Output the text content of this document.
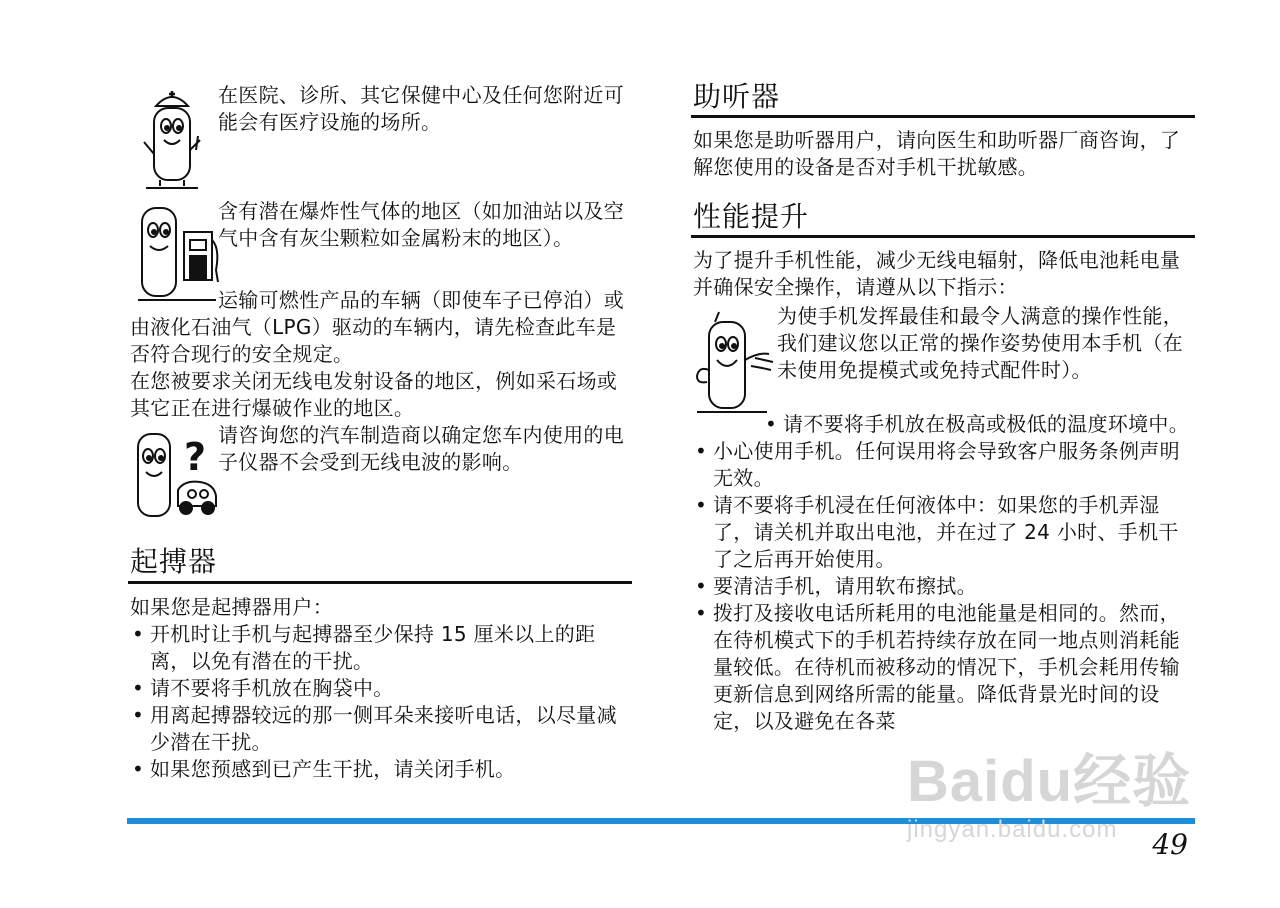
在医院、诊所、其它保健中心及任何您附近可能会有医疗设施的场所。

含有潜在爆炸性气体的地区（如加油站以及空气中含有灰尘颗粒如金属粉末的地区）。

运输可燃性产品的车辆（即使车子已停泊）或由液化石油气（LPG）驱动的车辆内，请先检查此车是否符合现行的安全规定。

在您被要求关闭无线电发射设备的地区，例如采石场或其它正在进行爆破作业的地区。

? 请咨询您的汽车制造商以确定您车内使用的电子仪器不会受到无线电波的影响。

起搏器

如果您是起搏器用户：

• 开机时让手机与起搏器至少保持 15 厘米以上的距离，以免有潜在的干扰。
• 请不要将手机放在胸袋中。
• 用离起搏器较远的那一侧耳朵来接听电话，以尽量减少潜在干扰。
• 如果您预感到已产生干扰，请关闭手机。
助听器

如果您是助听器用户，请向医生和助听器厂商咨询，了解您使用的设备是否对手机干扰敏感。

性能提升

为了提升手机性能，减少无线电辐射，降低电池耗电量并确保安全操作，请遵从以下指示：

为使手机发挥最佳和最令人满意的操作性能，我们建议您以正常的操作姿势使用本手机（在未使用免提模式或免持式配件时）。

• 请不要将手机放在极高或极低的温度环境中。
• 小心使用手机。任何误用将会导致客户服务条例声明无效。
• 请不要将手机浸在任何液体中：如果您的手机弄湿了，请关机并取出电池，并在过了 24 小时、手机干了之后再开始使用。
• 要清洁手机，请用软布擦拭。
• 拨打及接收电话所耗用的电池能量是相同的。然而，在待机模式下的手机若持续存放在同一地点则消耗能量较低。在待机而被移动的情况下，手机会耗用传输更新信息到网络所需的能量。降低背景光时间的设定，以及避免在各菜
Baidu经验
jingyan.baidu.com	49
